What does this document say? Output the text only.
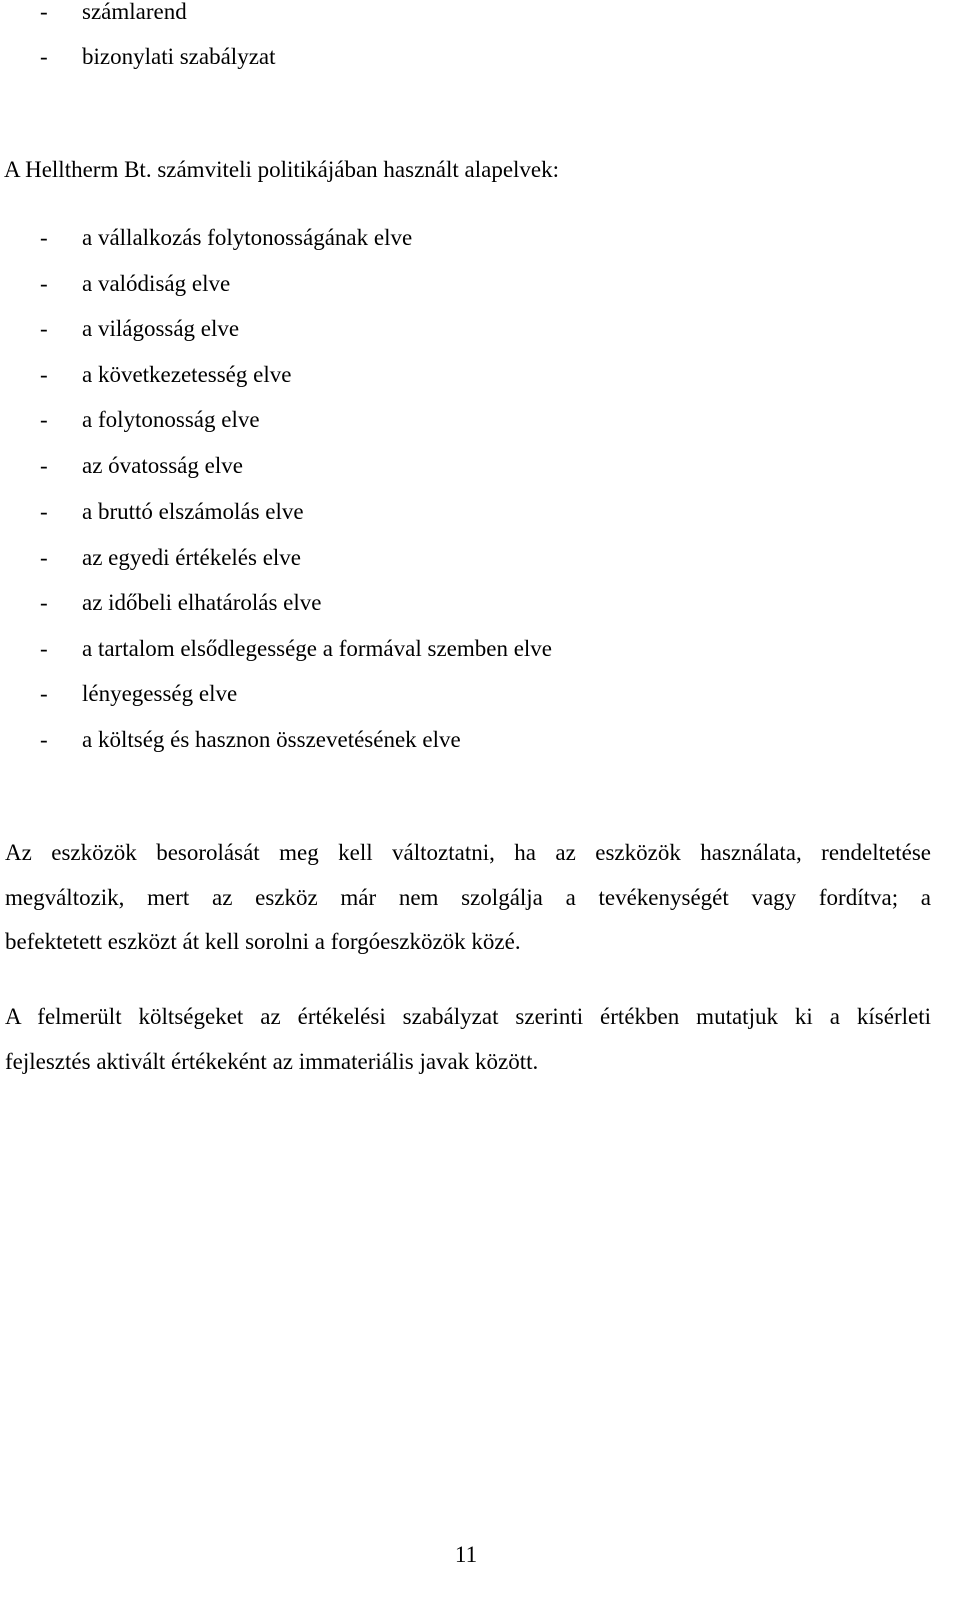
- számlarend
- bizonylati szabályzat
A Helltherm Bt. számviteli politikájában használt alapelvek:
- a vállalkozás folytonosságának elve
- a valódiság elve
- a világosság elve
- a következetesség elve
- a folytonosság elve
- az óvatosság elve
- a bruttó elszámolás elve
- az egyedi értékelés elve
- az időbeli elhatárolás elve
- a tartalom elsődlegessége a formával szemben elve
- lényegesség elve
- a költség és hasznon összevetésének elve
Az eszközök besorolását meg kell változtatni, ha az eszközök használata, rendeltetése
megváltozik, mert az eszköz már nem szolgálja a tevékenységét vagy fordítva; a
befektetett eszközt át kell sorolni a forgóeszközök közé.
A felmerült költségeket az értékelési szabályzat szerinti értékben mutatjuk ki a kísérleti
fejlesztés aktivált értékeként az immateriális javak között.
11
